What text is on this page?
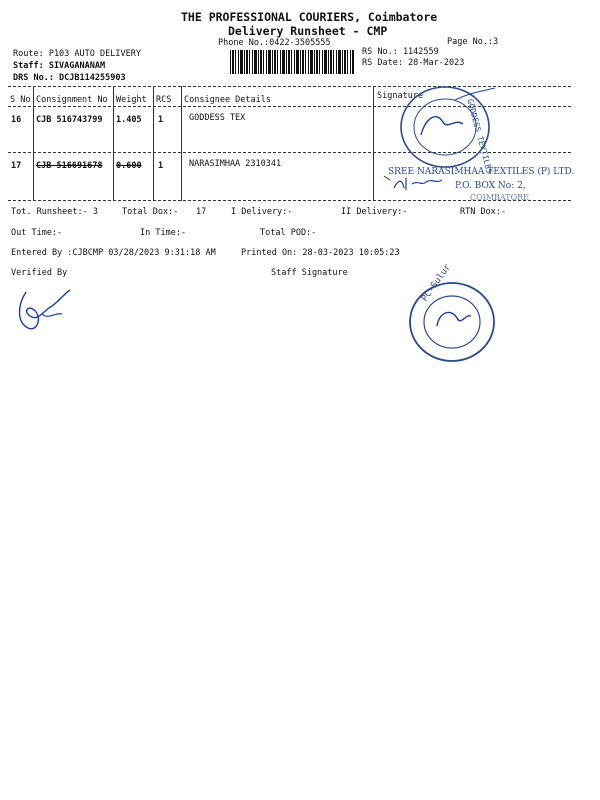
THE PROFESSIONAL COURIERS, Coimbatore
Delivery Runsheet - CMP
Phone No.:0422-3505555	Page No.:3
Route: P103 AUTO DELIVERY
Staff: SIVAGANANAM
DRS No.: DCJB114255903
RS No.: 1142559
RS Date: 28-Mar-2023
S No Consignment No Weight RCS Consignee Details	Signature
16 CJB 516743799 1.405 1	GODDESS TEX
17 CJB 516691678 0.600 1	NARASIMHAA 2310341
Tot. Runsheet:- 3	Total Dox:- 17	I Delivery:-	II Delivery:-	RTN Dox:-
Out Time:-	In Time:-	Total POD:-
Entered By :CJBCMP 03/28/2023 9:31:18 AM	Printed On: 28-03-2023 10:05:23
Verified By	Staff Signature
GODDESS TEXTILES
SREE NARASIMHAA TEXTILES (P) LTD.
P.O. BOX No: 2,
COIMBATORE
PC-Sulur
